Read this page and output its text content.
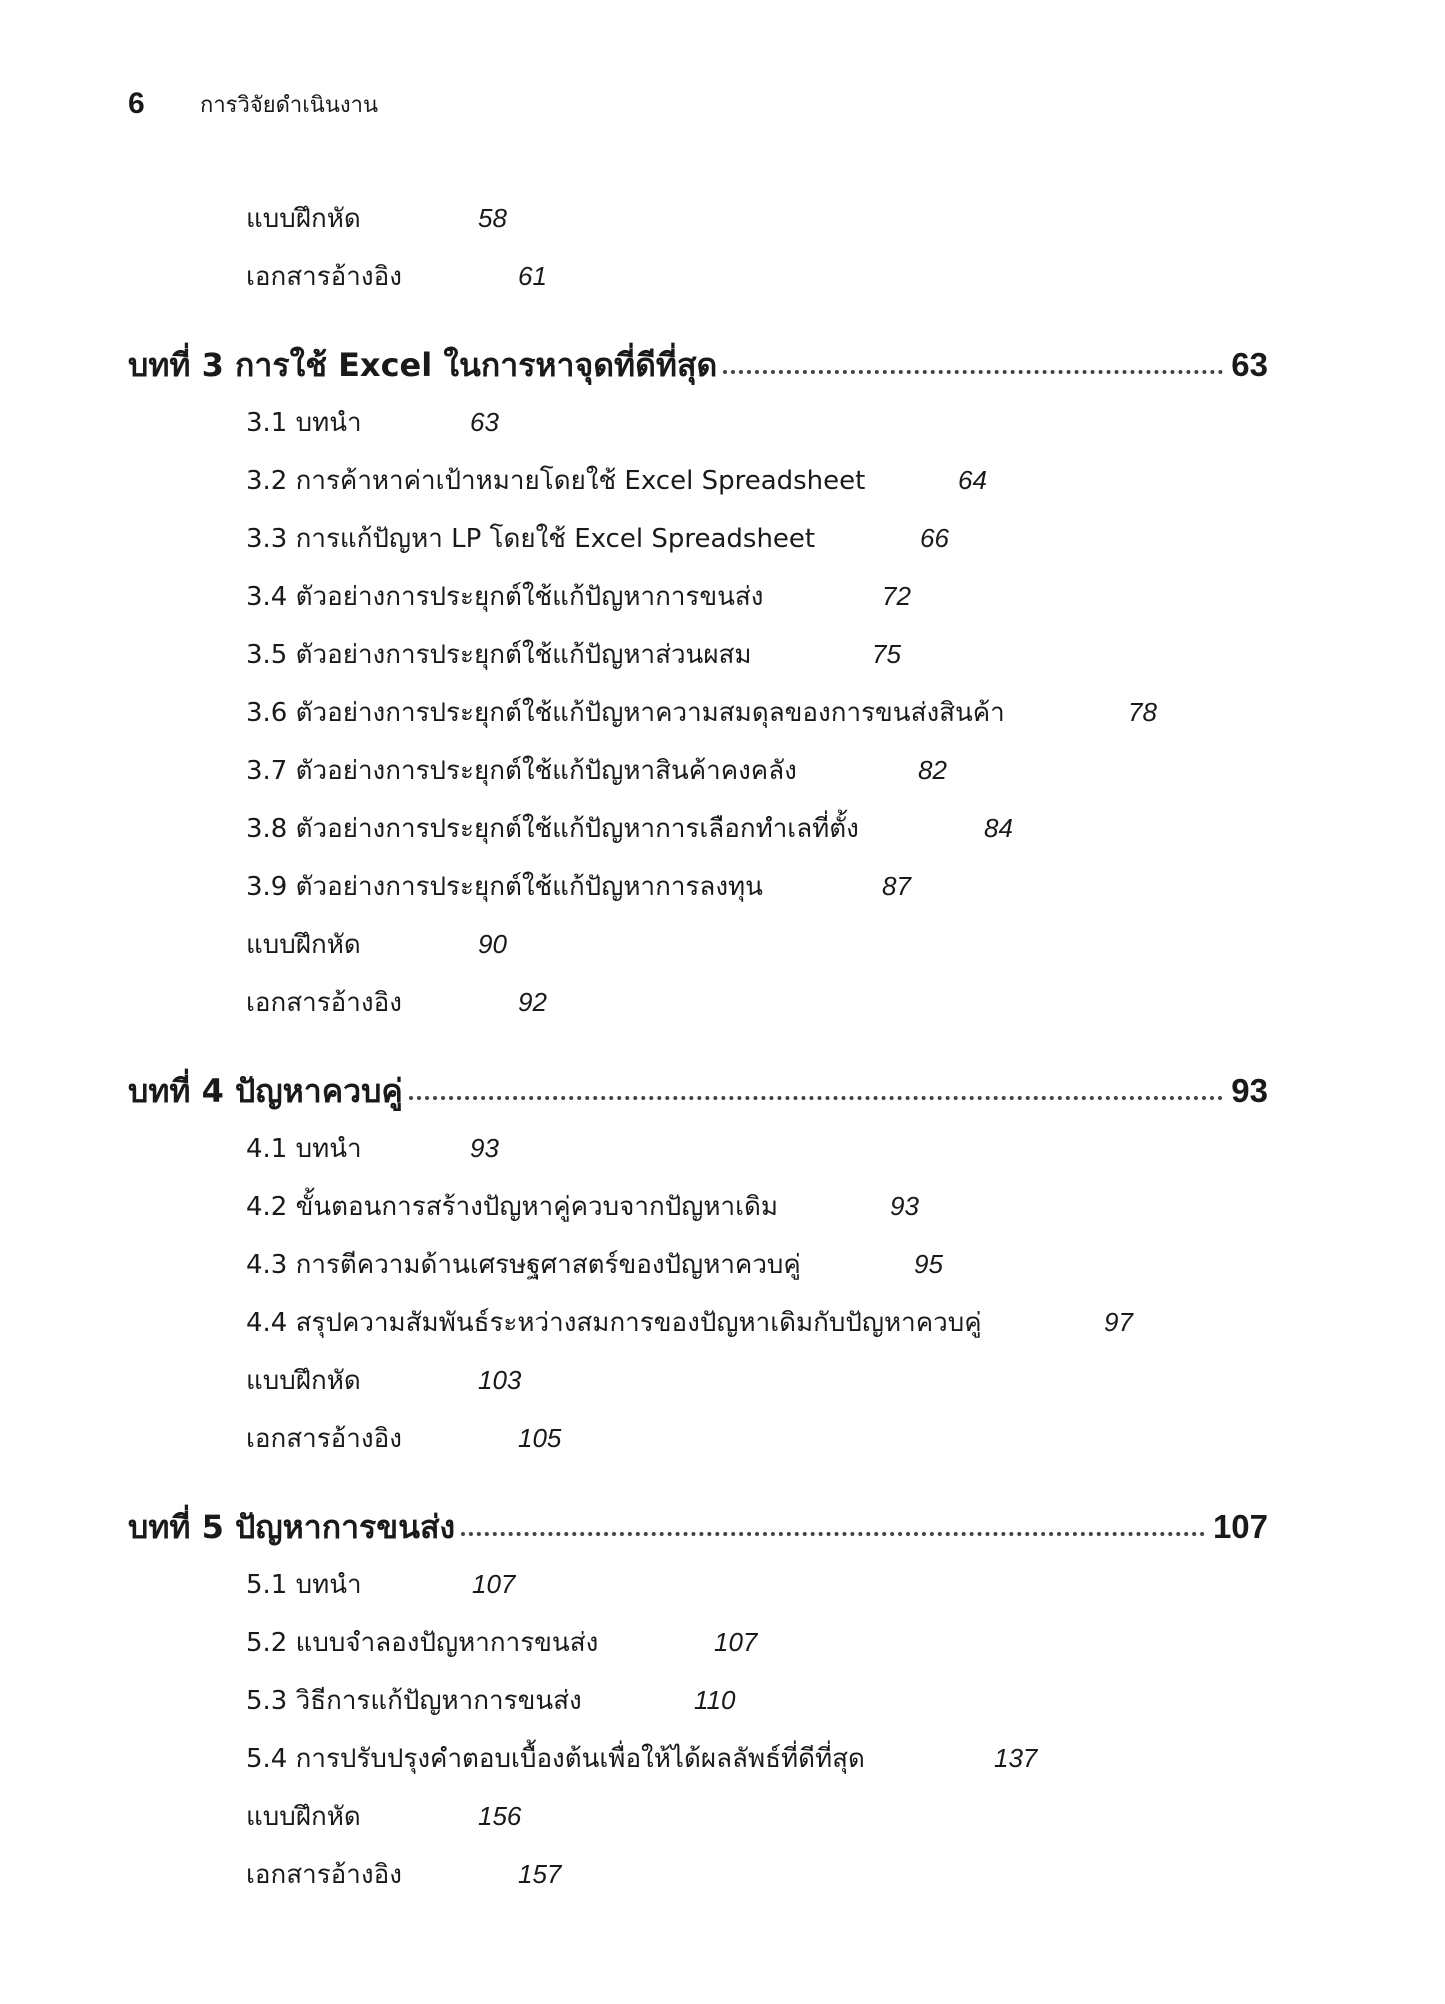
6	การวิจัยดำเนินงาน
แบบฝึกหัด	58
เอกสารอ้างอิง	61
บทที่ 3 การใช้ Excel ในการหาจุดที่ดีที่สุด	63
3.1 บทนำ	63
3.2 การค้าหาค่าเป้าหมายโดยใช้ Excel Spreadsheet	64
3.3 การแก้ปัญหา LP โดยใช้ Excel Spreadsheet	66
3.4 ตัวอย่างการประยุกต์ใช้แก้ปัญหาการขนส่ง	72
3.5 ตัวอย่างการประยุกต์ใช้แก้ปัญหาส่วนผสม	75
3.6 ตัวอย่างการประยุกต์ใช้แก้ปัญหาความสมดุลของการขนส่งสินค้า	78
3.7 ตัวอย่างการประยุกต์ใช้แก้ปัญหาสินค้าคงคลัง	82
3.8 ตัวอย่างการประยุกต์ใช้แก้ปัญหาการเลือกทำเลที่ตั้ง	84
3.9 ตัวอย่างการประยุกต์ใช้แก้ปัญหาการลงทุน	87
แบบฝึกหัด	90
เอกสารอ้างอิง	92
บทที่ 4 ปัญหาควบคู่	93
4.1 บทนำ	93
4.2 ขั้นตอนการสร้างปัญหาคู่ควบจากปัญหาเดิม	93
4.3 การตีความด้านเศรษฐศาสตร์ของปัญหาควบคู่	95
4.4 สรุปความสัมพันธ์ระหว่างสมการของปัญหาเดิมกับปัญหาควบคู่	97
แบบฝึกหัด	103
เอกสารอ้างอิง	105
บทที่ 5 ปัญหาการขนส่ง	107
5.1 บทนำ	107
5.2 แบบจำลองปัญหาการขนส่ง	107
5.3 วิธีการแก้ปัญหาการขนส่ง	110
5.4 การปรับปรุงคำตอบเบื้องต้นเพื่อให้ได้ผลลัพธ์ที่ดีที่สุด	137
แบบฝึกหัด	156
เอกสารอ้างอิง	157
